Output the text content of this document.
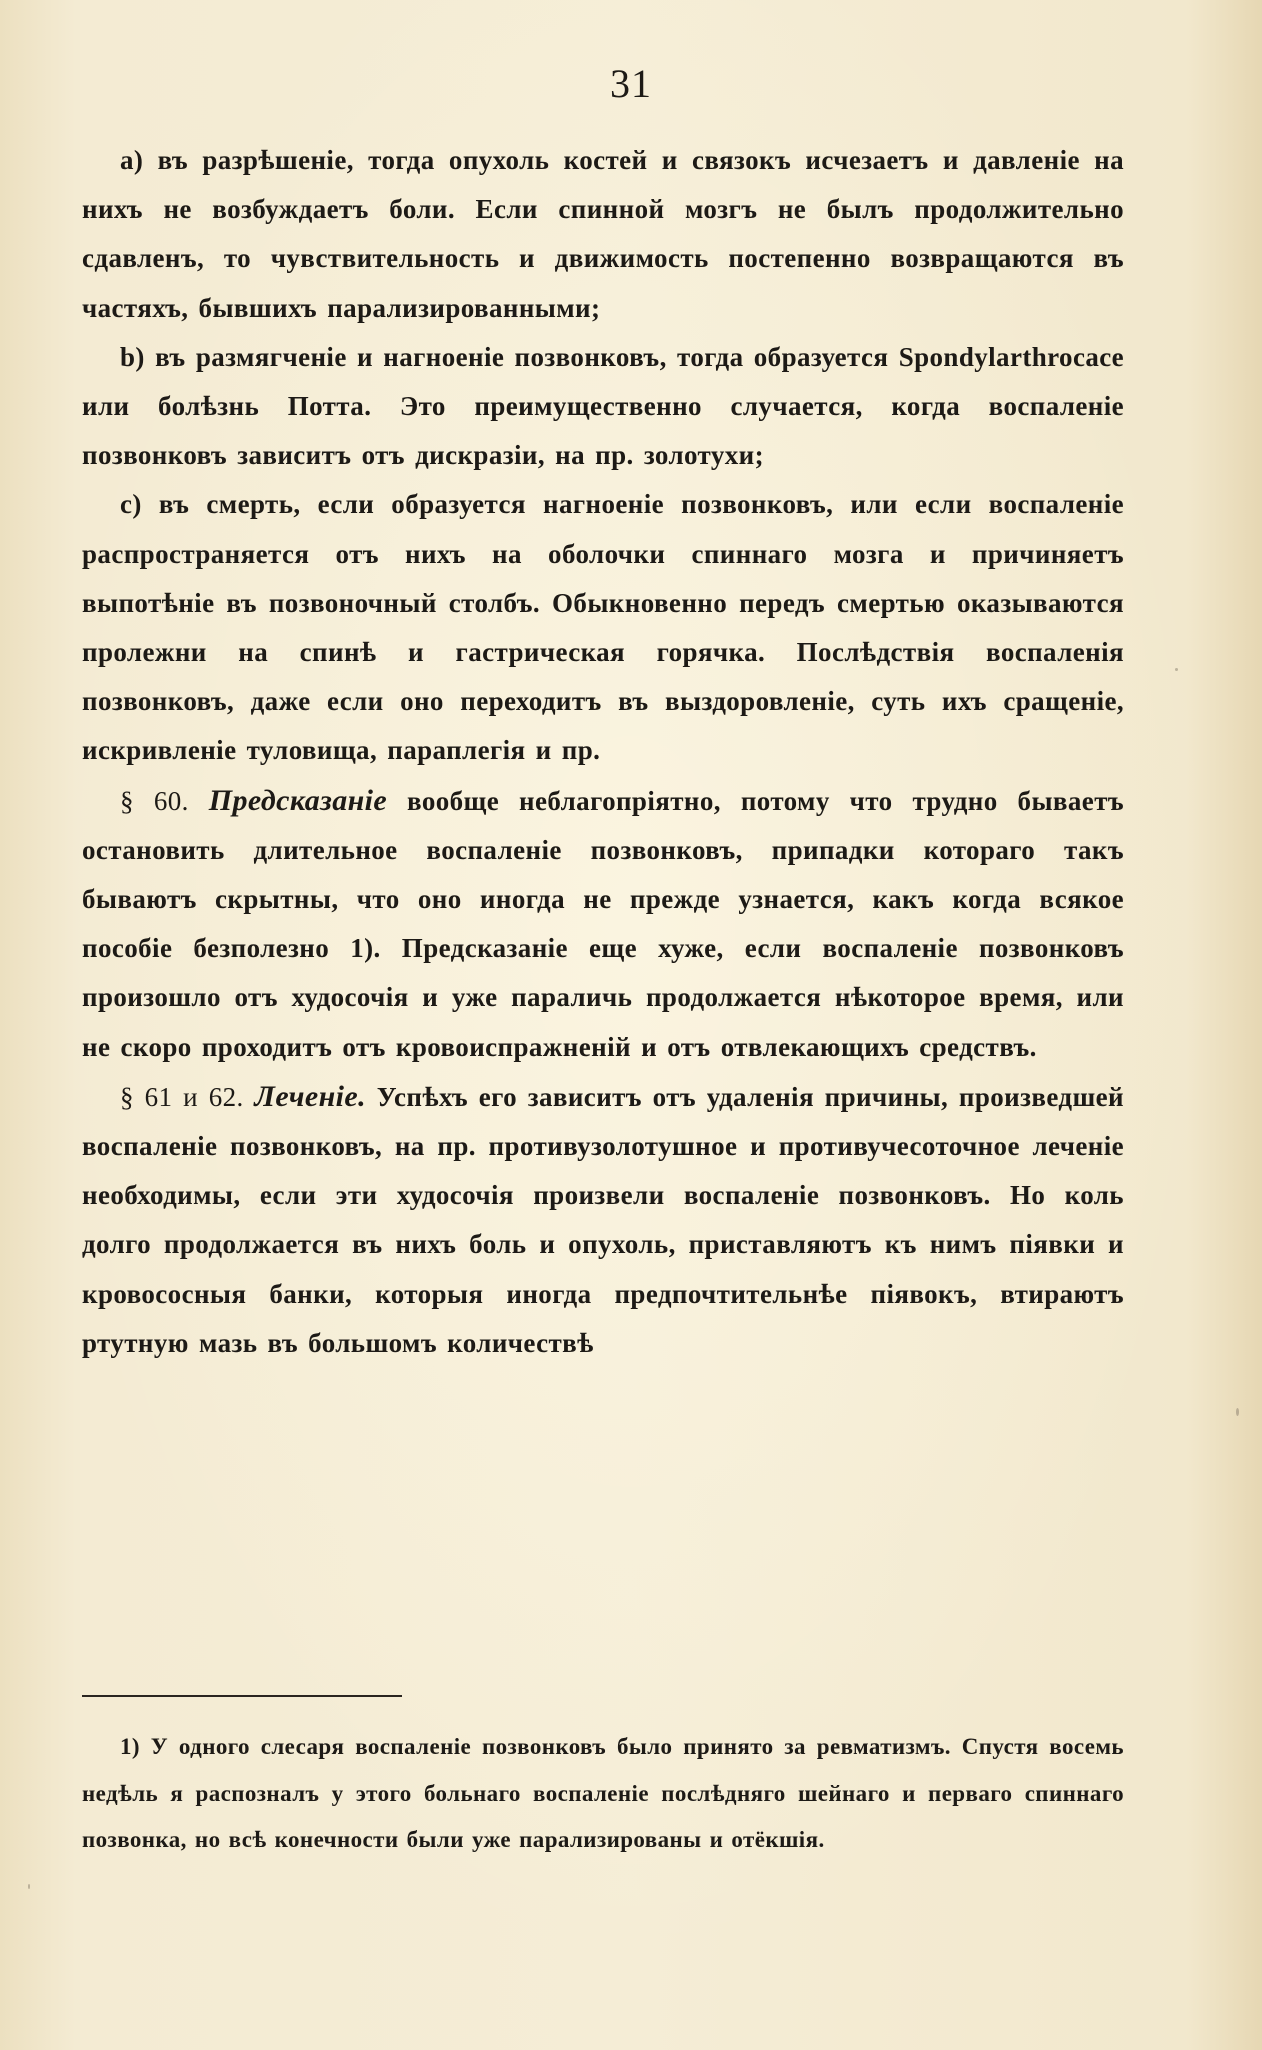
31

a) въ разрѣшеніе, тогда опухоль костей и связокъ исчезаетъ и давленіе на нихъ не возбуждаетъ боли. Если спинной мозгъ не былъ продолжительно сдавленъ, то чувствительность и движимость постепенно возвращаются въ частяхъ, бывшихъ парализированными;

b) въ размягченіе и нагноеніе позвонковъ, тогда образуется Spondylarthrocace или болѣзнь Потта. Это преимущественно случается, когда воспаленіе позвонковъ зависитъ отъ дискразіи, на пр. золотухи;

c) въ смерть, если образуется нагноеніе позвонковъ, или если воспаленіе распространяется отъ нихъ на оболочки спиннаго мозга и причиняетъ выпотѣніе въ позвоночный столбъ. Обыкновенно передъ смертью оказываются пролежни на спинѣ и гастрическая горячка. Послѣдствія воспаленія позвонковъ, даже если оно переходитъ въ выздоровленіе, суть ихъ сращеніе, искривленіе туловища, параплегія и пр.

§ 60. Предсказаніе вообще неблагопріятно, потому что трудно бываетъ остановить длительное воспаленіе позвонковъ, припадки котораго такъ бываютъ скрытны, что оно иногда не прежде узнается, какъ когда всякое пособіе безполезно 1). Предсказаніе еще хуже, если воспаленіе позвонковъ произошло отъ худосочія и уже параличь продолжается нѣкоторое время, или не скоро проходитъ отъ кровоиспражненій и отъ отвлекающихъ средствъ.

§ 61 и 62. Леченіе. Успѣхъ его зависитъ отъ удаленія причины, произведшей воспаленіе позвонковъ, на пр. противузолотушное и противучесоточное леченіе необходимы, если эти худосочія произвели воспаленіе позвонковъ. Но коль долго продолжается въ нихъ боль и опухоль, приставляютъ къ нимъ піявки и кровососныя банки, которыя иногда предпочтительнѣе піявокъ, втираютъ ртутную мазь въ большомъ количествѣ

1) У одного слесаря воспаленіе позвонковъ было принято за ревматизмъ. Спустя восемь недѣль я распозналъ у этого больнаго воспаленіе послѣдняго шейнаго и перваго спиннаго позвонка, но всѣ конечности были уже парализированы и отёкшія.
